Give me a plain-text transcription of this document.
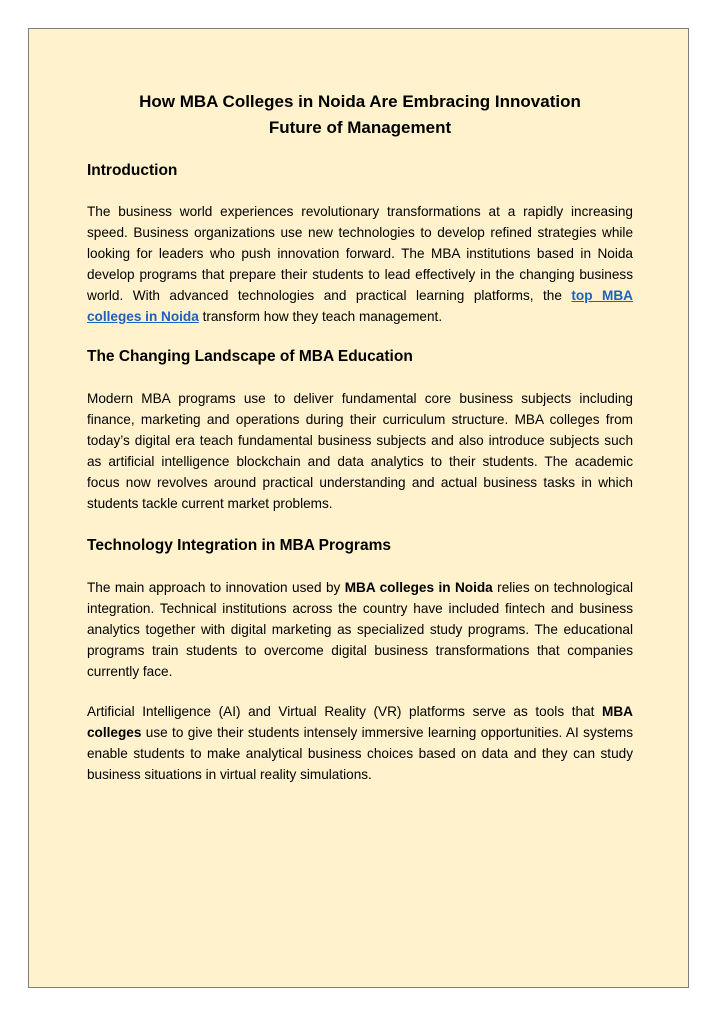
How MBA Colleges in Noida Are Embracing Innovation
Future of Management
Introduction

The business world experiences revolutionary transformations at a rapidly increasing speed. Business organizations use new technologies to develop refined strategies while looking for leaders who push innovation forward. The MBA institutions based in Noida develop programs that prepare their students to lead effectively in the changing business world. With advanced technologies and practical learning platforms, the top MBA colleges in Noida transform how they teach management.

The Changing Landscape of MBA Education

Modern MBA programs use to deliver fundamental core business subjects including finance, marketing and operations during their curriculum structure. MBA colleges from today’s digital era teach fundamental business subjects and also introduce subjects such as artificial intelligence blockchain and data analytics to their students. The academic focus now revolves around practical understanding and actual business tasks in which students tackle current market problems.

Technology Integration in MBA Programs

The main approach to innovation used by MBA colleges in Noida relies on technological integration. Technical institutions across the country have included fintech and business analytics together with digital marketing as specialized study programs. The educational programs train students to overcome digital business transformations that companies currently face.

Artificial Intelligence (AI) and Virtual Reality (VR) platforms serve as tools that MBA colleges use to give their students intensely immersive learning opportunities. AI systems enable students to make analytical business choices based on data and they can study business situations in virtual reality simulations.
